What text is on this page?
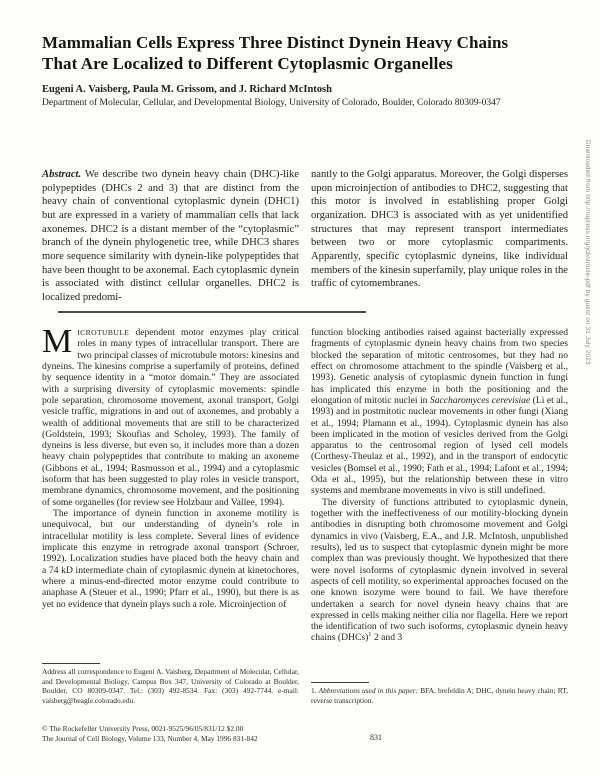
Mammalian Cells Express Three Distinct Dynein Heavy Chains
That Are Localized to Different Cytoplasmic Organelles
Eugeni A. Vaisberg, Paula M. Grissom, and J. Richard McIntosh
Department of Molecular, Cellular, and Developmental Biology, University of Colorado, Boulder, Colorado 80309-0347
Abstract. We describe two dynein heavy chain (DHC)-like polypeptides (DHCs 2 and 3) that are distinct from the heavy chain of conventional cytoplasmic dynein (DHC1) but are expressed in a variety of mammalian cells that lack axonemes. DHC2 is a distant member of the “cytoplasmic” branch of the dynein phylogenetic tree, while DHC3 shares more sequence similarity with dynein-like polypeptides that have been thought to be axonemal. Each cytoplasmic dynein is associated with distinct cellular organelles. DHC2 is localized predomi-
nantly to the Golgi apparatus. Moreover, the Golgi disperses upon microinjection of antibodies to DHC2, suggesting that this motor is involved in establishing proper Golgi organization. DHC3 is associated with as yet unidentified structures that may represent transport intermediates between two or more cytoplasmic compartments. Apparently, specific cytoplasmic dyneins, like individual members of the kinesin superfamily, play unique roles in the traffic of cytomembranes.

MICROTUBULE dependent motor enzymes play critical roles in many types of intracellular transport. There are two principal classes of microtubule motors: kinesins and dyneins. The kinesins comprise a superfamily of proteins, defined by sequence identity in a “motor domain.” They are associated with a surprising diversity of cytoplasmic movements: spindle pole separation, chromosome movement, axonal transport, Golgi vesicle traffic, migrations in and out of axonemes, and probably a wealth of additional movements that are still to be characterized (Goldstein, 1993; Skoufias and Scholey, 1993). The family of dyneins is less diverse, but even so, it includes more than a dozen heavy chain polypeptides that contribute to making an axoneme (Gibbons et al., 1994; Rasmusson et al., 1994) and a cytoplasmic isoform that has been suggested to play roles in vesicle transport, membrane dynamics, chromosome movement, and the positioning of some organelles (for review see Holzbaur and Vallee, 1994).

The importance of dynein function in axoneme motility is unequivocal, but our understanding of dynein’s role in intracellular motility is less complete. Several lines of evidence implicate this enzyme in retrograde axonal transport (Schroer, 1992). Localization studies have placed both the heavy chain and a 74 kD intermediate chain of cytoplasmic dynein at kinetochores, where a minus-end-directed motor enzyme could contribute to anaphase A (Steuer et al., 1990; Pfarr et al., 1990), but there is as yet no evidence that dynein plays such a role. Microinjection of

Address all correspondence to Eugeni A. Vaisberg, Department of Molecular, Cellular, and Developmental Biology, Campus Box 347, University of Colorado at Boulder, Boulder, CO 80309-0347. Tel.: (303) 492-8534. Fax: (303) 492-7744. e-mail: vaisberg@beagle.colorado.edu.

function blocking antibodies raised against bacterially expressed fragments of cytoplasmic dynein heavy chains from two species blocked the separation of mitotic centrosomes, but they had no effect on chromosome attachment to the spindle (Vaisberg et al., 1993). Genetic analysis of cytoplasmic dynein function in fungi has implicated this enzyme in both the positioning and the elongation of mitotic nuclei in Saccharomyces cerevisiae (Li et al., 1993) and in postmitotic nuclear movements in other fungi (Xiang et al., 1994; Plamann et al., 1994). Cytoplasmic dynein has also been implicated in the motion of vesicles derived from the Golgi apparatus to the centrosomal region of lysed cell models (Corthesy-Theulaz et al., 1992), and in the transport of endocytic vesicles (Bomsel et al., 1990; Fath et al., 1994; Lafont et al., 1994; Oda et al., 1995), but the relationship between these in vitro systems and membrane movements in vivo is still undefined.

The diversity of functions attributed to cytoplasmic dynein, together with the ineffectiveness of our motility-blocking dynein antibodies in disrupting both chromosome movement and Golgi dynamics in vivo (Vaisberg, E.A., and J.R. McIntosh, unpublished results), led us to suspect that cytoplasmic dynein might be more complex than was previously thought. We hypothesized that there were novel isoforms of cytoplasmic dynein involved in several aspects of cell motility, so experimental approaches focused on the one known isozyme were bound to fail. We have therefore undertaken a search for novel dynein heavy chains that are expressed in cells making neither cilia nor flagella. Here we report the identification of two such isoforms, cytoplasmic dynein heavy chains (DHCs)$^1$ 2 and 3

1. Abbreviations used in this paper: BFA, brefeldin A; DHC, dynein heavy chain; RT, reverse transcription.
© The Rockefeller University Press, 0021-9525/96/05/831/12 $2.00
The Journal of Cell Biology, Volume 133, Number 4, May 1996 831-842	831
Downloaded from http://rupress.org/jcb/article-pdf by guest on 31 July 2023
